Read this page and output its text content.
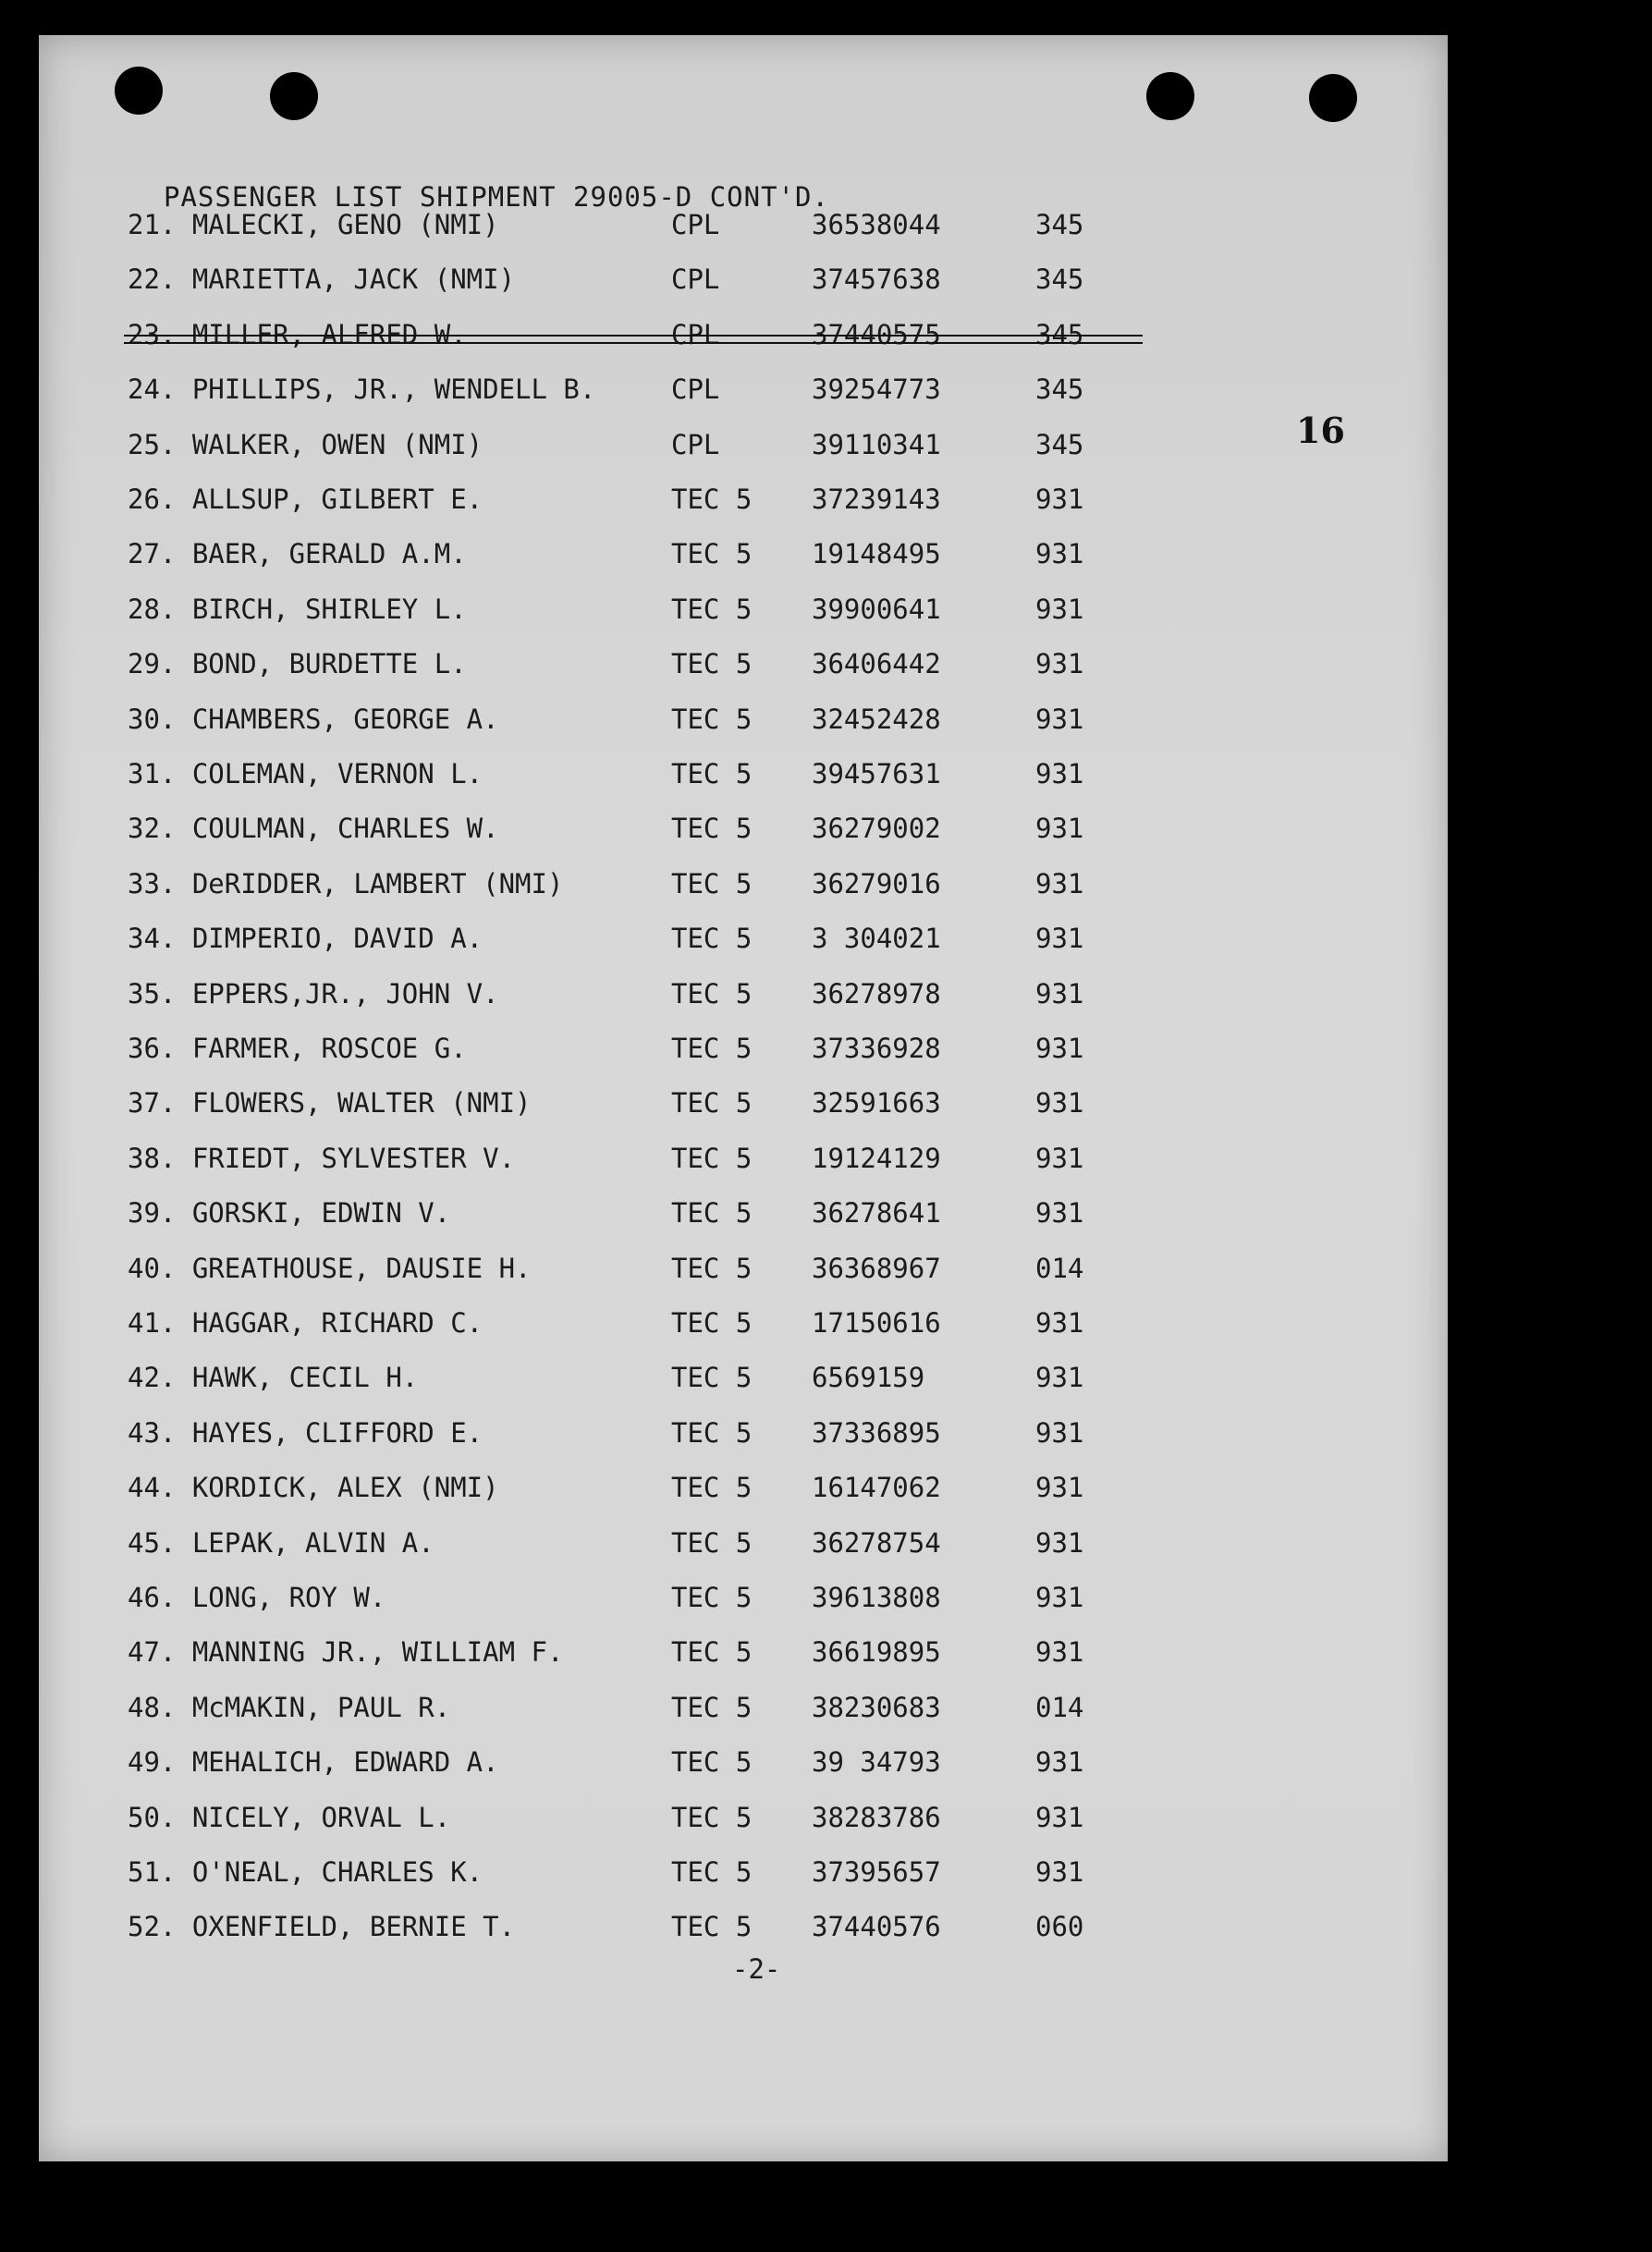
PASSENGER LIST SHIPMENT 29005-D CONT'D.
16
21. MALECKI, GENO (NMI)	CPL	36538044	345
22. MARIETTA, JACK (NMI)	CPL	37457638	345
23. MILLER, ALFRED W.	CPL	37440575	345
24. PHILLIPS, JR., WENDELL B.	CPL	39254773	345
25. WALKER, OWEN (NMI)	CPL	39110341	345
26. ALLSUP, GILBERT E.	TEC 5 37239143	931
27. BAER, GERALD A.M.	TEC 5 19148495	931
28. BIRCH, SHIRLEY L.	TEC 5 39900641	931
29. BOND, BURDETTE L.	TEC 5 36406442	931
30. CHAMBERS, GEORGE A.	TEC 5 32452428	931
31. COLEMAN, VERNON L.	TEC 5 39457631	931
32. COULMAN, CHARLES W.	TEC 5 36279002	931
33. DeRIDDER, LAMBERT (NMI)	TEC 5 36279016	931
34. DIMPERIO, DAVID A.	TEC 5 3 304021	931
35. EPPERS,JR., JOHN V.	TEC 5 36278978	931
36. FARMER, ROSCOE G.	TEC 5 37336928	931
37. FLOWERS, WALTER (NMI)	TEC 5 32591663	931
38. FRIEDT, SYLVESTER V.	TEC 5 19124129	931
39. GORSKI, EDWIN V.	TEC 5 36278641	931
40. GREATHOUSE, DAUSIE H.	TEC 5 36368967	014
41. HAGGAR, RICHARD C.	TEC 5 17150616	931
42. HAWK, CECIL H.	TEC 5 6569159	931
43. HAYES, CLIFFORD E.	TEC 5 37336895	931
44. KORDICK, ALEX (NMI)	TEC 5 16147062	931
45. LEPAK, ALVIN A.	TEC 5 36278754	931
46. LONG, ROY W.	TEC 5 39613808	931
47. MANNING JR., WILLIAM F.	TEC 5 36619895	931
48. McMAKIN, PAUL R.	TEC 5 38230683	014
49. MEHALICH, EDWARD A.	TEC 5 39 34793	931
50. NICELY, ORVAL L.	TEC 5 38283786	931
51. O'NEAL, CHARLES K.	TEC 5 37395657	931
52. OXENFIELD, BERNIE T.	TEC 5 37440576	060
-2-
